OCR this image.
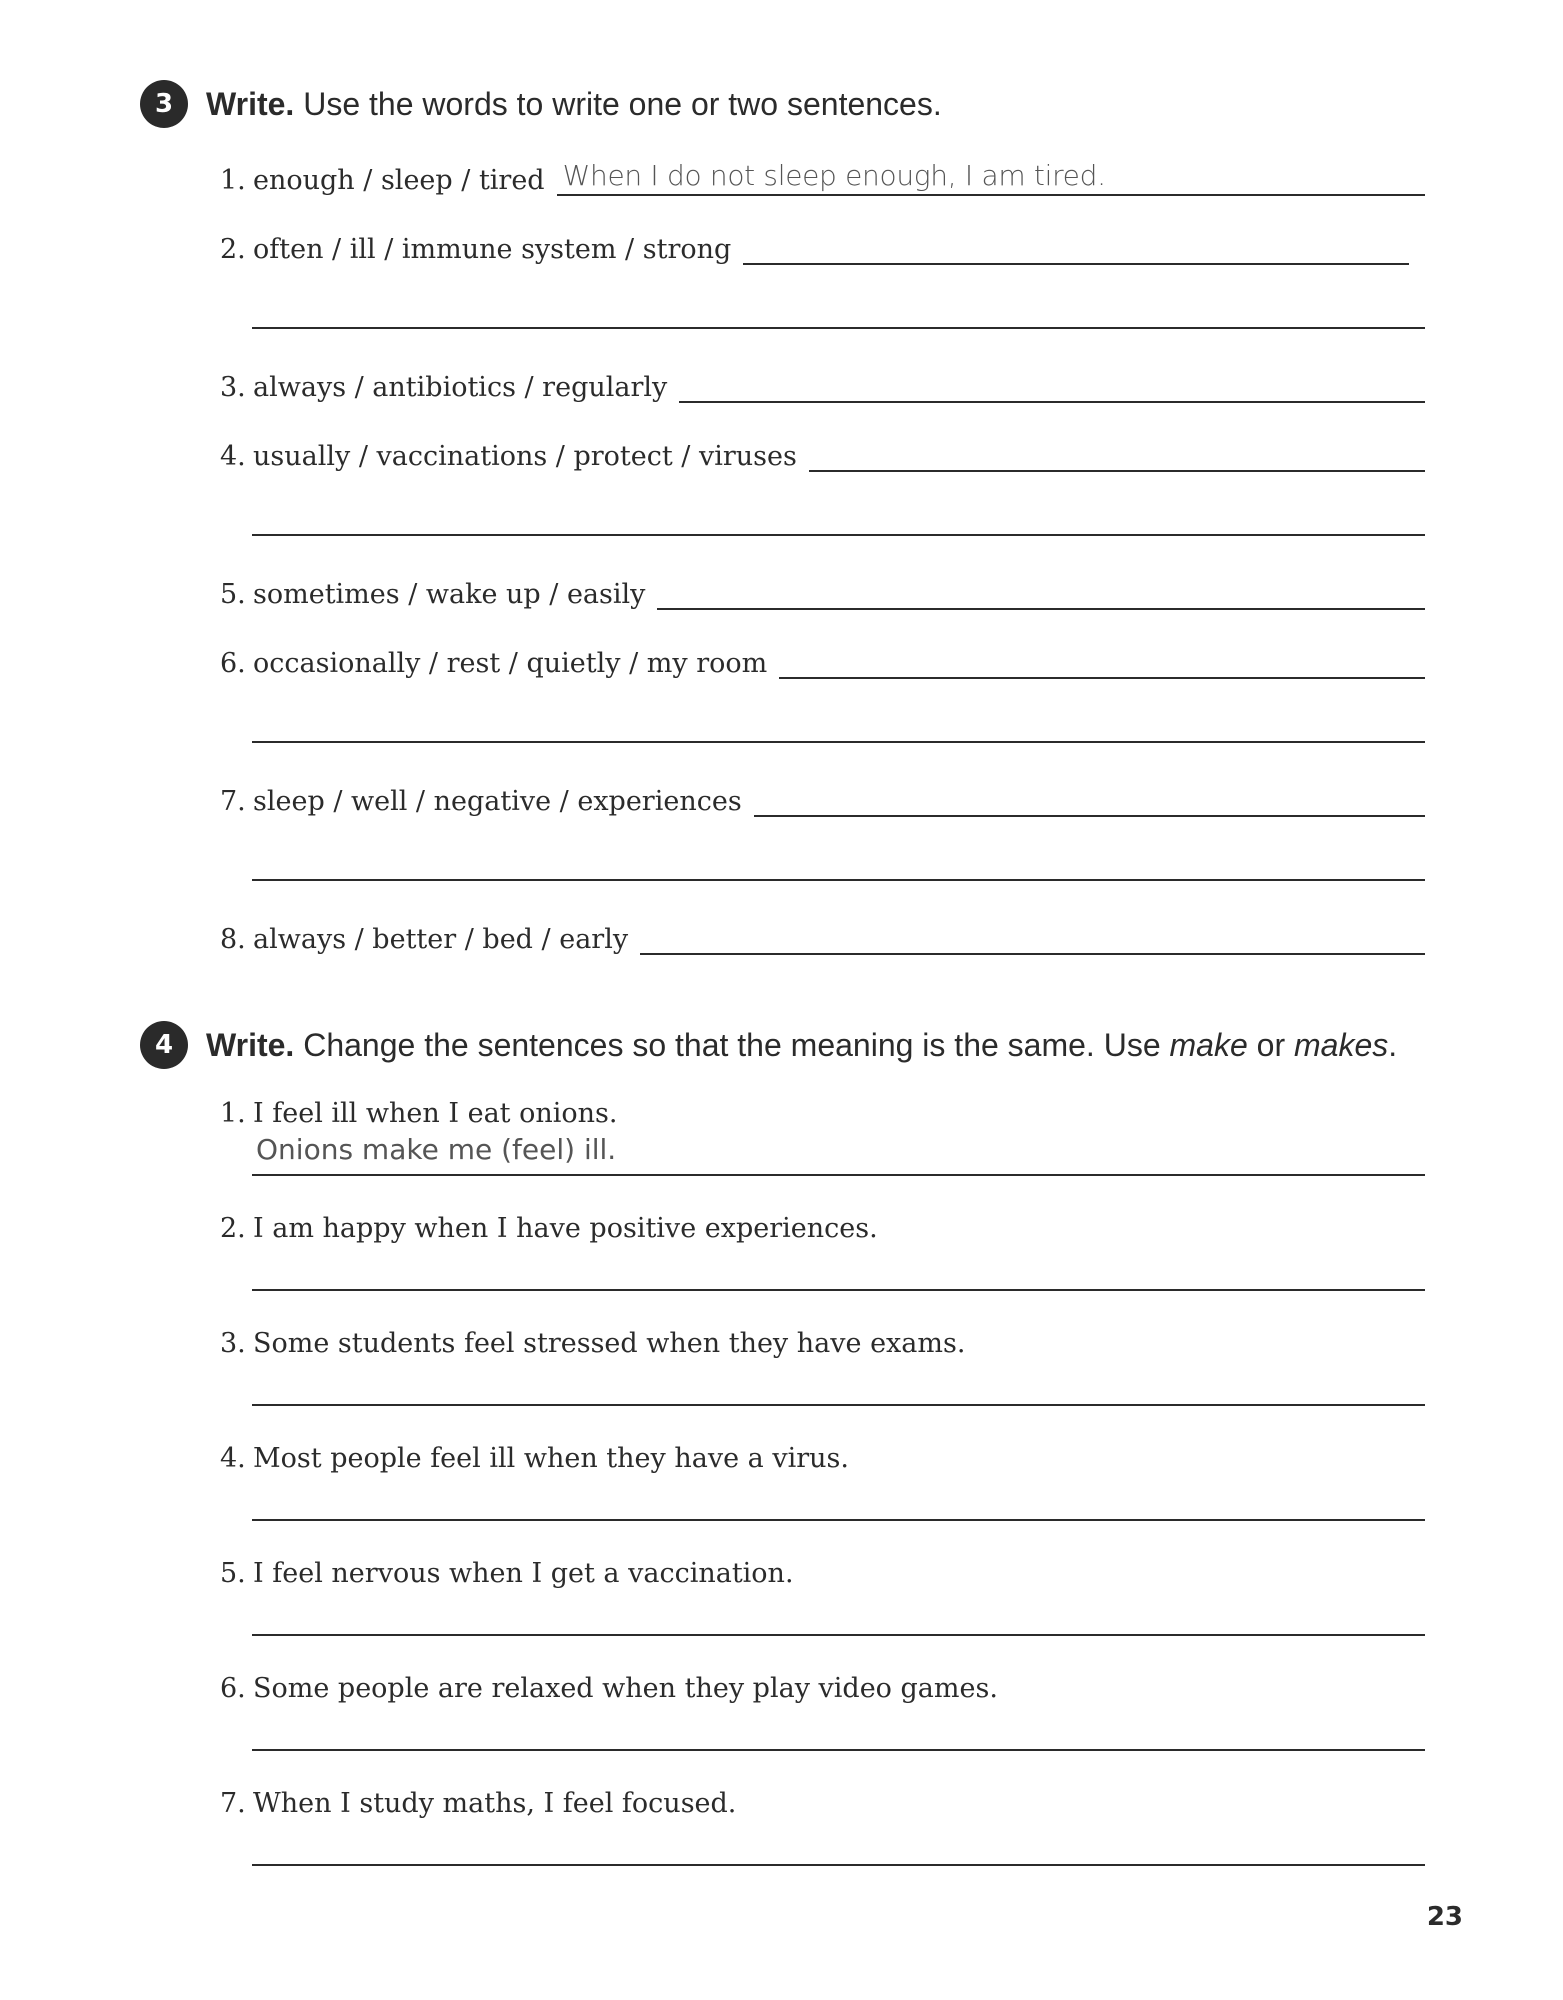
3	Write. Use the words to write one or two sentences.
1. enough / sleep / tired When I do not sleep enough, I am tired.
2. often / ill / immune system / strong
3. always / antibiotics / regularly
4. usually / vaccinations / protect / viruses
5. sometimes / wake up / easily
6. occasionally / rest / quietly / my room
7. sleep / well / negative / experiences
8. always / better / bed / early
4	Write. Change the sentences so that the meaning is the same. Use make or makes.
1. I feel ill when I eat onions.
Onions make me (feel) ill.
2. I am happy when I have positive experiences.
3. Some students feel stressed when they have exams.
4. Most people feel ill when they have a virus.
5. I feel nervous when I get a vaccination.
6. Some people are relaxed when they play video games.
7. When I study maths, I feel focused.
23
